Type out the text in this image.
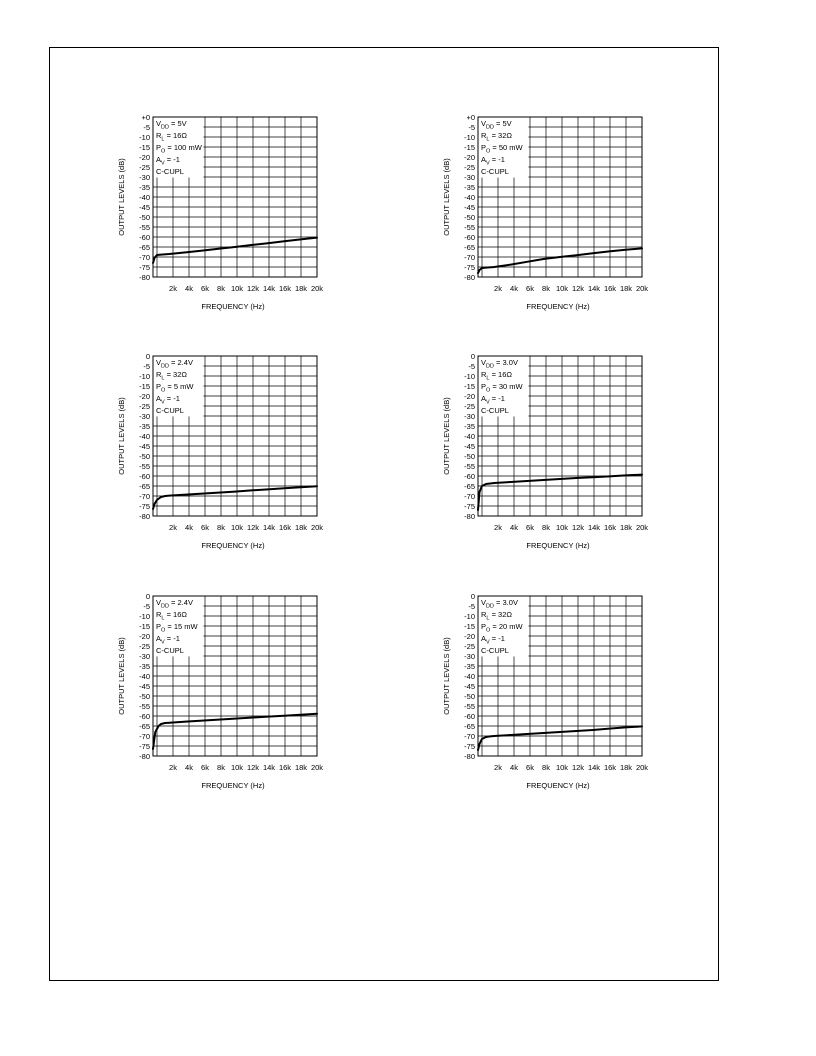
$V_{DD} = 5V$
$R_L = 16\Omega$
$P_O = 100$ mW
$A_V = -1$
C-CUPL
+0
-5
-10
-15
-20
-25
-30
-35
-40
-45
-50
-55
-60
-65
-70
-75
-80
2k 4k 6k 8k 10k 12k 14k 16k 18k 20k
FREQUENCY (Hz)
OUTPUT LEVELS (dB)
$V_{DD} = 5V$
$R_L = 32\Omega$
$P_O = 50$ mW
$A_V = -1$
C-CUPL
+0
-5
-10
-15
-20
-25
-30
-35
-40
-45
-50
-55
-60
-65
-70
-75
-80
2k 4k 6k 8k 10k 12k 14k 16k 18k 20k
FREQUENCY (Hz)
OUTPUT LEVELS (dB)
$V_{DD} = 2.4V$
$R_L = 32\Omega$
$P_O = 5$ mW
$A_V = -1$
C-CUPL
0
-5
-10
-15
-20
-25
-30
-35
-40
-45
-50
-55
-60
-65
-70
-75
-80
2k 4k 6k 8k 10k 12k 14k 16k 18k 20k
FREQUENCY (Hz)
OUTPUT LEVELS (dB)
$V_{DD} = 3.0V$
$R_L = 16\Omega$
$P_O = 30$ mW
$A_V = -1$
C-CUPL
0
-5
-10
-15
-20
-25
-30
-35
-40
-45
-50
-55
-60
-65
-70
-75
-80
2k 4k 6k 8k 10k 12k 14k 16k 18k 20k
FREQUENCY (Hz)
OUTPUT LEVELS (dB)
$V_{DD} = 2.4V$
$R_L = 16\Omega$
$P_O = 15$ mW
$A_V = -1$
C-CUPL
0
-5
-10
-15
-20
-25
-30
-35
-40
-45
-50
-55
-60
-65
-70
-75
-80
2k 4k 6k 8k 10k 12k 14k 16k 18k 20k
FREQUENCY (Hz)
OUTPUT LEVELS (dB)
$V_{DD} = 3.0V$
$R_L = 32\Omega$
$P_O = 20$ mW
$A_V = -1$
C-CUPL
0
-5
-10
-15
-20
-25
-30
-35
-40
-45
-50
-55
-60
-65
-70
-75
-80
2k 4k 6k 8k 10k 12k 14k 16k 18k 20k
FREQUENCY (Hz)
OUTPUT LEVELS (dB)
